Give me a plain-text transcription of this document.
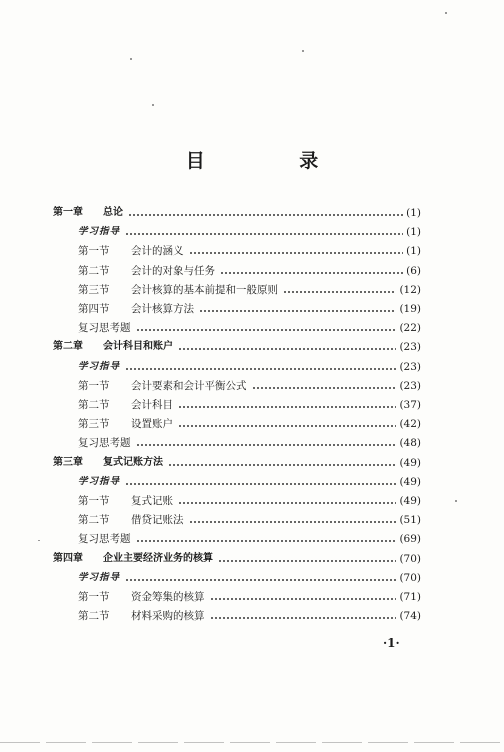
目 录
第一章	总论	(1)
学习指导	(1)
第一节	会计的涵义	(1)
第二节	会计的对象与任务	(6)
第三节	会计核算的基本前提和一般原则	(12)
第四节	会计核算方法	(19)
复习思考题	(22)
第二章	会计科目和账户	(23)
学习指导	(23)
第一节	会计要素和会计平衡公式	(23)
第二节	会计科目	(37)
第三节	设置账户	(42)
复习思考题	(48)
第三章	复式记账方法	(49)
学习指导	(49)
第一节	复式记账	(49)
第二节	借贷记账法	(51)
复习思考题	(69)
第四章	企业主要经济业务的核算	(70)
学习指导	(70)
第一节	资金筹集的核算	(71)
第二节	材料采购的核算	(74)
·1·
